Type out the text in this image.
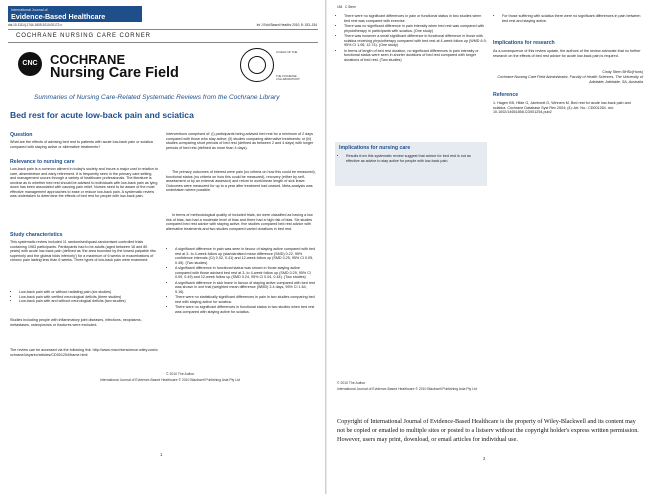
International Journal of
Evidence-Based Healthcare
doi:10.1111/j.1744-1609.2010.00172.x	Int J Evid Based Healthc 2010; 8: 153–154
COCHRANE NURSING CARE CORNER
CNC COCHRANE
Nursing Care Field
A FIELD OF THE
THE COCHRANE COLLABORATION®
Summaries of Nursing Care-Related Systematic Reviews from the Cochrane Library
Bed rest for acute low-back pain and sciatica
Question
What are the effects of advising bed rest to patients with acute low-back pain or sciatica compared with staying active or alternative treatments?
Relevance to nursing care
Low-back pain is a common ailment in today's society and incurs a major cost in relation to care, absenteeism and early retirement. It is frequently seen in the primary care setting and management occurs through a variety of healthcare professionals. The literature is unclear as to whether bed rest should be advised to individuals with low-back pain as lying down has been associated with causing pain relief. Nurses need to be aware of the most effective management approaches to ease or reduce low-back pain. A systematic review was undertaken to determine the effects of bed rest for people with low-back pain.
Study characteristics
This systematic review included 11 randomised/quasi-randomised controlled trials containing 1963 participants. Participants had to be adults (aged between 16 and 80 years) with acute low-back pain (defined as 'the area bounded by the lowest palpable ribs superiorly and the gluteal folds inferiorly') for a maximum of 6 weeks or exacerbations of chronic pain lasting less than 6 weeks. Three types of low-back pain were examined:
• Low-back pain with or without radiating pain (six studies)
• Low-back pain with verified neurological deficits (three studies)
• Low-back pain with and without neurological deficits (two studies)
Studies including people with inflammatory joint diseases, infections, neoplasms, metastases, osteoporosis or fractures were excluded.
The review can be accessed via the following link: http://www.mrw.interscience.wiley.com/cochrane/clsysrev/articles/CD001254/frame.html
Interventions comprised of: (i) participants being advised bed rest for a minimum of 2 days compared with those who stay active; (ii) studies comparing alternative treatments; or (iii) studies comparing short periods of bed rest (defined as between 2 and 4 days) with longer periods of bed rest (defined as more than 4 days).
The primary outcomes of interest were pain (no criteria on how this could be measured), functional status (no criteria on how this could be measured), recovery (either by self-assessment or by an external assessor) and return to work/mean length of sick leave. Outcomes were measured for up to a year after treatment had ceased. Meta-analysis was undertaken where possible.
In terms of methodological quality of included trials, six were classified as having a low risk of bias, two had a moderate level of bias and three had a high risk of bias. Six studies compared bed rest advice with staying active, five studies compared bed rest advice with alternative treatments and two studies compared varied durations in bed rest.
• A significant difference in pain was seen in favour of staying active compared with bed rest at 3- to 4-week follow up (standardised mean difference (SMD) 0.22, 95% confidence intervals (CI) 0.02, 0.41) and 12-week follow up (SMD 0.25, 95% CI 0.05, 0.45). (Two studies)
• A significant difference in functional status was shown in those staying active compared with those advised bed rest at 3- to 4-week follow up (SMD 0.29, 95% CI 0.09, 0.49) and 12-week follow up (SMD 0.24, 95% CI 0.04, 0.44). (Two studies)
• A significant difference in sick leave in favour of staying active compared with bed rest was shown in one trial (weighted mean difference (WMD) 3.4 days, 95% CI 1.64, 5.16).
• There were no statistically significant differences in pain in two studies comparing bed rest with staying active for sciatica.
• There were no significant differences in functional status in two studies when bed rest was compared with staying active for sciatica.
© 2010 The Author
International Journal of Evidence-Based Healthcare © 2010 Blackwell Publishing Asia Pty Ltd
1
154   C Stern
• There were no significant differences in pain or functional status in two studies when bed rest was compared with exercise.
• There was no significant difference in pain intensity when bed rest was compared with physiotherapy in participants with sciatica. (One study)
• There was however a small significant difference in functional difference in those with sciatica receiving physiotherapy compared with bed rest at 4-week follow up (WMD 6.9, 95% CI 1.06, 12.74). (One study)
• In terms of length of bed rest duration, no significant differences in pain intensity or functional status were seen in shorter durations of bed rest compared with longer durations of bed rest. (Two studies)
Implications for nursing care
• Results from this systematic review suggest that advice for bed rest is not as effective as advice to stay active for people with low-back pain.
• For those suffering with sciatica there were no significant differences in pain between bed rest and staying active.
Implications for research
As a consequence of this review update, the authors of the review advocate that no further research on the effects of bed rest advice for acute low-back pain is required.
Cindy Stern BHSc(Hons)
Cochrane Nursing Care Field Administrator, Faculty of Health Sciences, The University of Adelaide, Adelaide, SA, Australia
Reference
1. Hagen KB, Hilde G, Jamtvedt G, Winnem M. Bed rest for acute low-back pain and sciatica. Cochrane Database Syst Rev 2004; (4): Art. No.: CD001254. doi: 10.1002/14651858.CD001254.pub2
© 2010 The Author
International Journal of Evidence-Based Healthcare © 2010 Blackwell Publishing Asia Pty Ltd
Copyright of International Journal of Evidence-Based Healthcare is the property of Wiley-Blackwell and its content may not be copied or emailed to multiple sites or posted to a listserv without the copyright holder's express written permission. However, users may print, download, or email articles for individual use.
2
